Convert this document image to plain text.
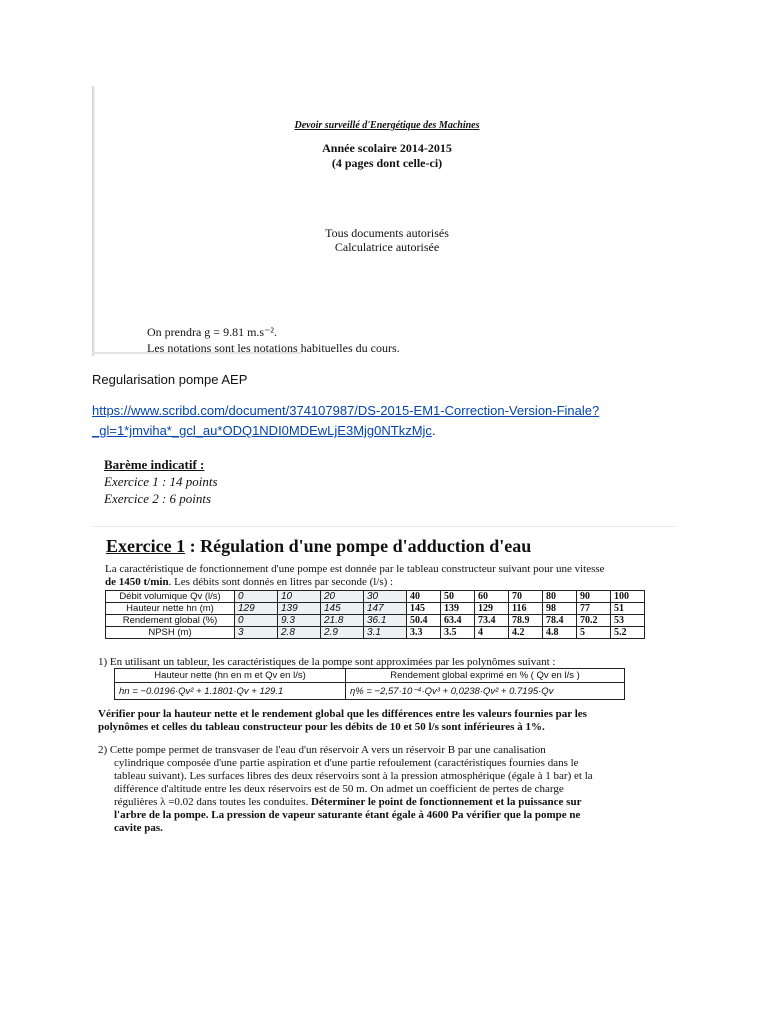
Devoir surveillé d'Energétique des Machines
Année scolaire 2014-2015
(4 pages dont celle-ci)
Tous documents autorisés
Calculatrice autorisée
On prendra g = 9.81 m.s⁻².
Les notations sont les notations habituelles du cours.
Regularisation pompe AEP
https://www.scribd.com/document/374107987/DS-2015-EM1-Correction-Version-Finale?
_gl=1*jmviha*_gcl_au*ODQ1NDI0MDEwLjE3Mjg0NTkzMjc.
Barème indicatif :
Exercice 1 : 14 points
Exercice 2 : 6 points
Exercice 1 : Régulation d'une pompe d'adduction d'eau
La caractéristique de fonctionnement d'une pompe est donnée par le tableau constructeur suivant pour une vitesse
de 1450 t/min. Les débits sont donnés en litres par seconde (l/s) :
Débit volumique Qv (l/s)	0	10	20	30	40	50	60	70	80	90	100
Hauteur nette hn (m)	129	139	145	147	145	139	129	116	98	77	51
Rendement global (%)	0	9.3	21.8	36.1	50.4	63.4	73.4	78.9	78.4	70.2	53
NPSH (m)	3	2.8	2.9	3.1	3.3	3.5	4	4.2	4.8	5	5.2
1) En utilisant un tableur, les caractéristiques de la pompe sont approximées par les polynômes suivant :
Hauteur nette (hn en m et Qv en l/s)	Rendement global exprimé en % ( Qv en l/s )
hn = −0.0196·Qv² + 1.1801·Qv + 129.1	η% = −2,57·10⁻⁴·Qv³ + 0,0238·Qv² + 0.7195·Qv
Vérifier pour la hauteur nette et le rendement global que les différences entre les valeurs fournies par les
polynômes et celles du tableau constructeur pour les débits de 10 et 50 l/s sont inférieures à 1%.
2) Cette pompe permet de transvaser de l'eau d'un réservoir A vers un réservoir B par une canalisation
cylindrique composée d'une partie aspiration et d'une partie refoulement (caractéristiques fournies dans le
tableau suivant). Les surfaces libres des deux réservoirs sont à la pression atmosphérique (égale à 1 bar) et la
différence d'altitude entre les deux réservoirs est de 50 m. On admet un coefficient de pertes de charge
régulières λ =0.02 dans toutes les conduites. Déterminer le point de fonctionnement et la puissance sur
l'arbre de la pompe. La pression de vapeur saturante étant égale à 4600 Pa vérifier que la pompe ne
cavite pas.
